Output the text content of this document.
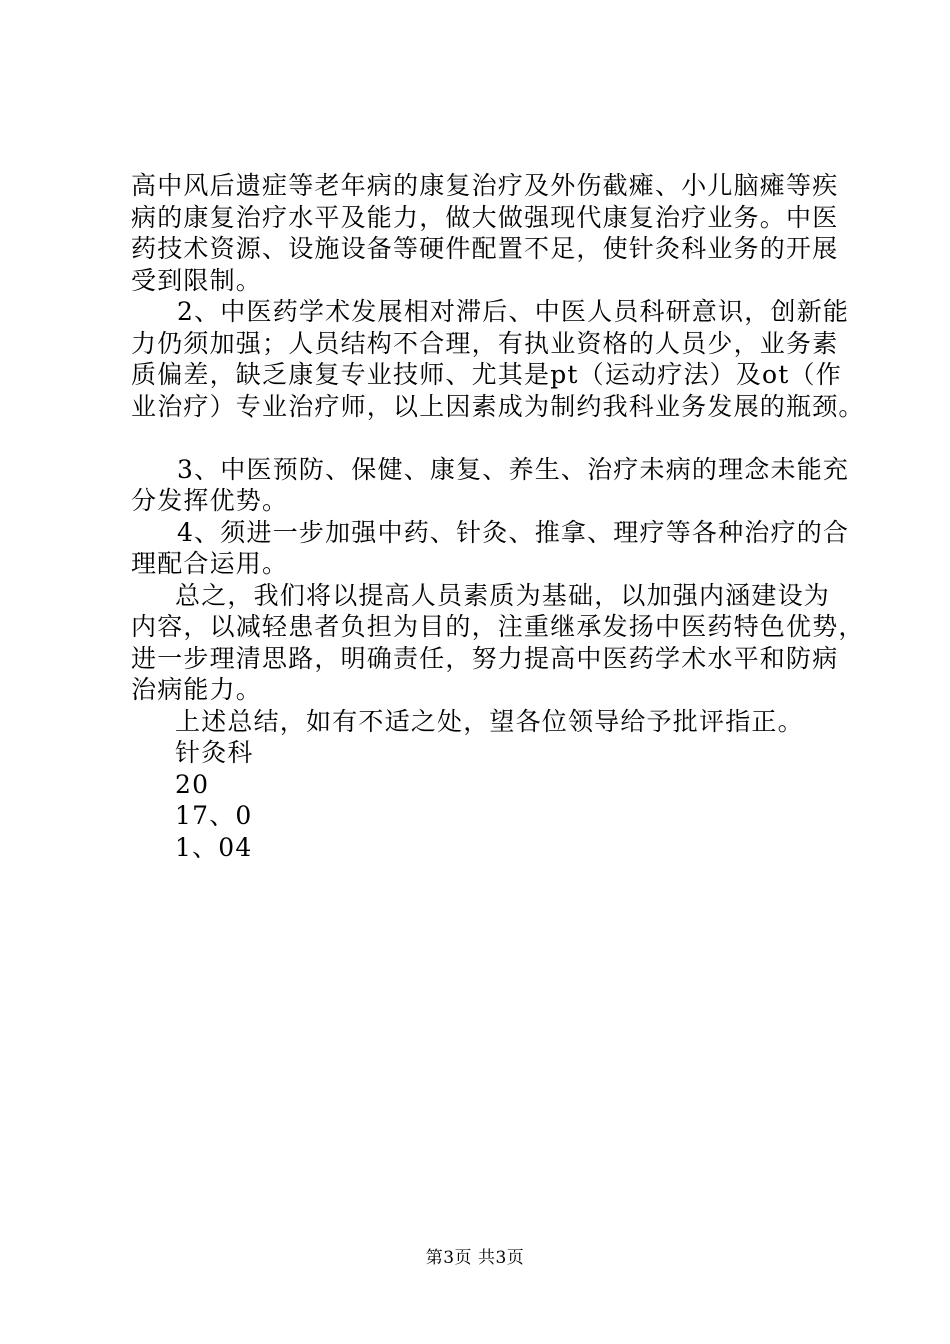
高中风后遗症等老年病的康复治疗及外伤截瘫、小儿脑瘫等疾

病的康复治疗水平及能力，做大做强现代康复治疗业务。中医

药技术资源、设施设备等硬件配置不足，使针灸科业务的开展

受到限制。

2、中医药学术发展相对滞后、中医人员科研意识，创新能

力仍须加强；人员结构不合理，有执业资格的人员少，业务素

质偏差，缺乏康复专业技师、尤其是pt（运动疗法）及ot（作

业治疗）专业治疗师，以上因素成为制约我科业务发展的瓶颈。

3、中医预防、保健、康复、养生、治疗未病的理念未能充

分发挥优势。

4、须进一步加强中药、针灸、推拿、理疗等各种治疗的合

理配合运用。

总之，我们将以提高人员素质为基础，以加强内涵建设为

内容，以减轻患者负担为目的，注重继承发扬中医药特色优势，

进一步理清思路，明确责任，努力提高中医药学术水平和防病

治病能力。

上述总结，如有不适之处，望各位领导给予批评指正。

针灸科

20

17、0

1、04

第3页 共3页
